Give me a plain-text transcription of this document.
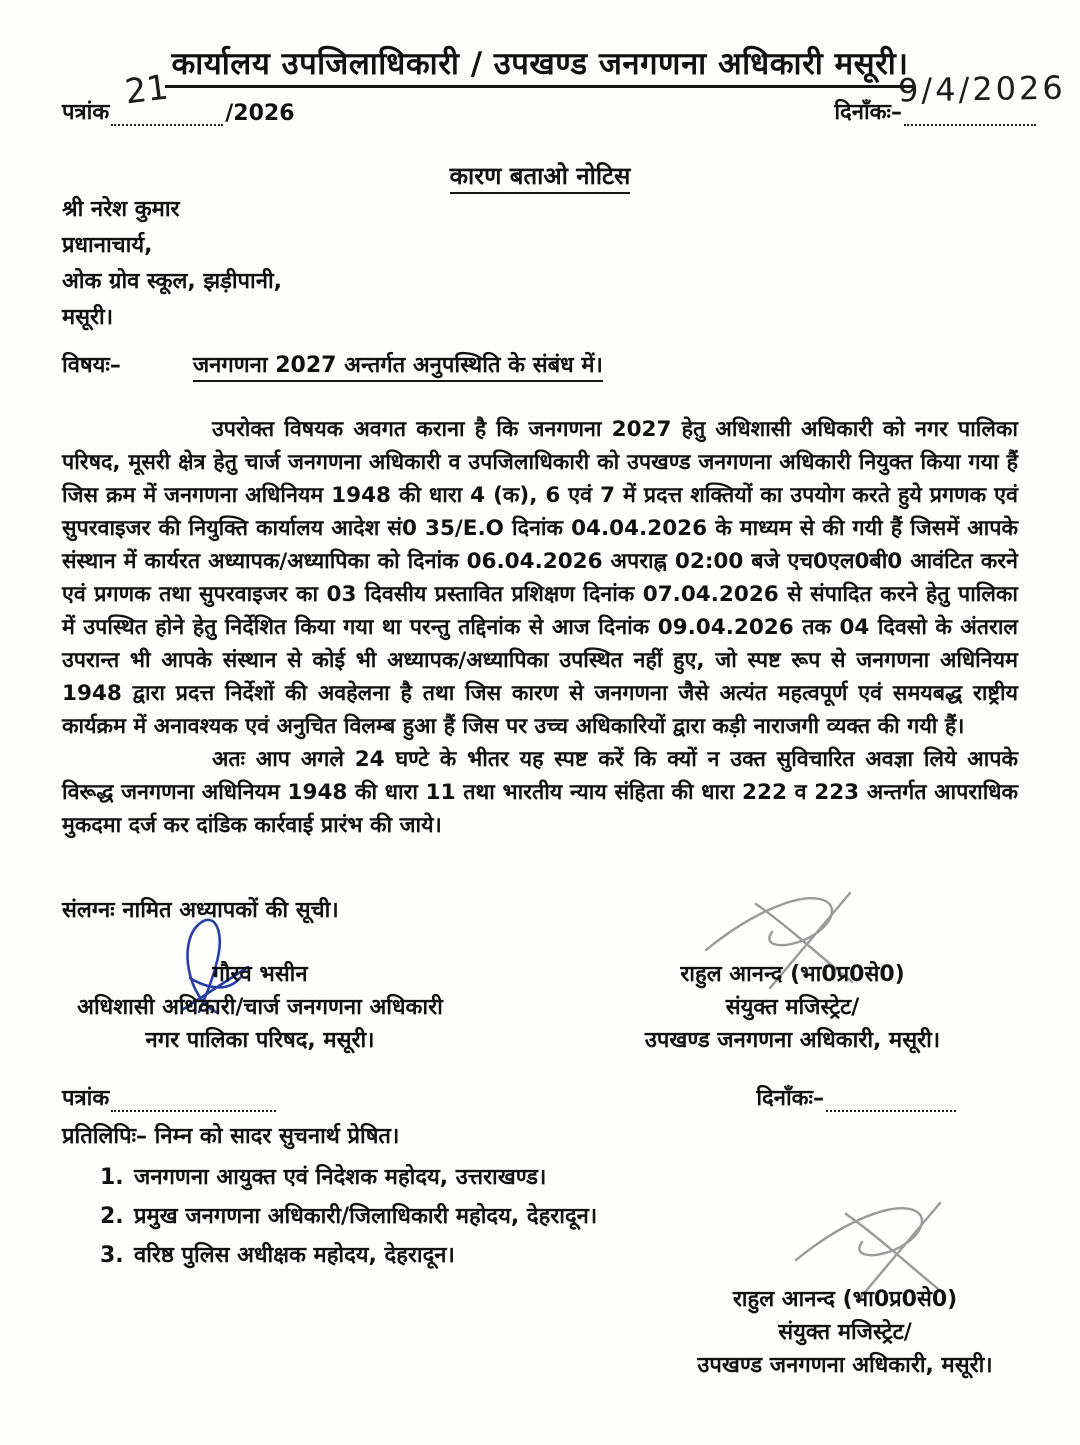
कार्यालय उपजिलाधिकारी / उपखण्ड जनगणना अधिकारी मसूरी।
पत्रांक
21
/2026	दिनाँकः–
9/4/2026
कारण बताओ नोटिस
श्री नरेश कुमार
प्रधानाचार्य,
ओक ग्रोव स्कूल, झड़ीपानी,
मसूरी।
विषयः–	जनगणना 2027 अन्तर्गत अनुपस्थिति के संबंध में।

उपरोक्त विषयक अवगत कराना है कि जनगणना 2027 हेतु अधिशासी अधिकारी को नगर पालिका परिषद, मूसरी क्षेत्र हेतु चार्ज जनगणना अधिकारी व उपजिलाधिकारी को उपखण्ड जनगणना अधिकारी नियुक्त किया गया हैं जिस क्रम में जनगणना अधिनियम 1948 की धारा 4 (क), 6 एवं 7 में प्रदत्त शक्तियों का उपयोग करते हुये प्रगणक एवं सुपरवाइजर की नियुक्ति कार्यालय आदेश सं0 35/E.O दिनांक 04.04.2026 के माध्यम से की गयी हैं जिसमें आपके संस्थान में कार्यरत अध्यापक/अध्यापिका को दिनांक 06.04.2026 अपराह्न 02:00 बजे एच0एल0बी0 आवंटित करने एवं प्रगणक तथा सुपरवाइजर का 03 दिवसीय प्रस्तावित प्रशिक्षण दिनांक 07.04.2026 से संपादित करने हेतु पालिका में उपस्थित होने हेतु निर्देशित किया गया था परन्तु तद्दिनांक से आज दिनांक 09.04.2026 तक 04 दिवसो के अंतराल उपरान्त भी आपके संस्थान से कोई भी अध्यापक/अध्यापिका उपस्थित नहीं हुए, जो स्पष्ट रूप से जनगणना अधिनियम 1948 द्वारा प्रदत्त निर्देशों की अवहेलना है तथा जिस कारण से जनगणना जैसे अत्यंत महत्वपूर्ण एवं समयबद्ध राष्ट्रीय कार्यक्रम में अनावश्यक एवं अनुचित विलम्ब हुआ हैं जिस पर उच्च अधिकारियों द्वारा कड़ी नाराजगी व्यक्त की गयी हैं।

अतः आप अगले 24 घण्टे के भीतर यह स्पष्ट करें कि क्यों न उक्त सुविचारित अवज्ञा लिये आपके विरूद्ध जनगणना अधिनियम 1948 की धारा 11 तथा भारतीय न्याय संहिता की धारा 222 व 223 अन्तर्गत आपराधिक मुकदमा दर्ज कर दांडिक कार्रवाई प्रारंभ की जाये।

संलग्नः नामित अध्यापकों की सूची।
गौरव भसीन
अधिशासी अधिकारी/चार्ज जनगणना अधिकारी
नगर पालिका परिषद, मसूरी।
राहुल आनन्द (भा0प्र0से0)
संयुक्त मजिस्ट्रेट/
उपखण्ड जनगणना अधिकारी, मसूरी।
पत्रांक	दिनाँकः–
प्रतिलिपिः– निम्न को सादर सुचनार्थ प्रेषित।
1. जनगणना आयुक्त एवं निदेशक महोदय, उत्तराखण्ड।
2. प्रमुख जनगणना अधिकारी/जिलाधिकारी महोदय, देहरादून।
3. वरिष्ठ पुलिस अधीक्षक महोदय, देहरादून।
राहुल आनन्द (भा0प्र0से0)
संयुक्त मजिस्ट्रेट/
उपखण्ड जनगणना अधिकारी, मसूरी।
